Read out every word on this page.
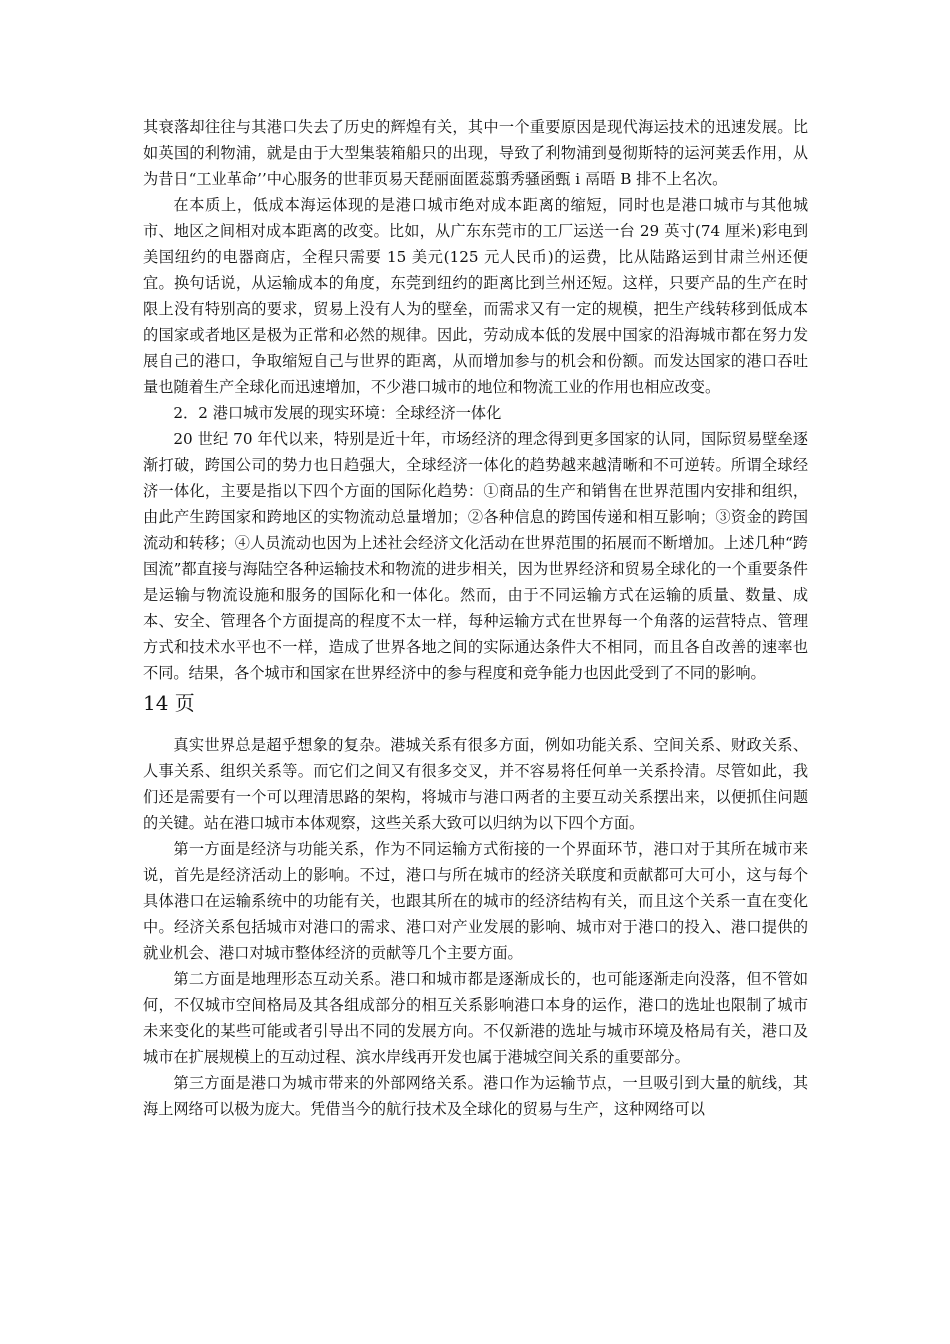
其衰落却往往与其港口失去了历史的辉煌有关，其中一个重要原因是现代海运技术的迅速发展。比如英国的利物浦，就是由于大型集装箱船只的出现，导致了利物浦到曼彻斯特的运河荚丢作用，从为昔日“工业革命’’中心服务的世菲页易天琵丽面匿蕊翦秀骚函甄 i 鬲晤 B 排不上名次。

在本质上，低成本海运体现的是港口城市绝对成本距离的缩短，同时也是港口城市与其他城市、地区之间相对成本距离的改变。比如，从广东东莞市的工厂运送一台 29 英寸(74 厘米)彩电到美国纽约的电器商店，全程只需要 15 美元(125 元人民币)的运费，比从陆路运到甘肃兰州还便宜。换句话说，从运输成本的角度，东莞到纽约的距离比到兰州还短。这样，只要产品的生产在时限上没有特别高的要求，贸易上没有人为的壁垒，而需求又有一定的规模，把生产线转移到低成本的国家或者地区是极为正常和必然的规律。因此，劳动成本低的发展中国家的沿海城市都在努力发展自己的港口，争取缩短自己与世界的距离，从而增加参与的机会和份额。而发达国家的港口吞吐量也随着生产全球化而迅速增加，不少港口城市的地位和物流工业的作用也相应改变。

2．2 港口城市发展的现实环境：全球经济一体化

20 世纪 70 年代以来，特别是近十年，市场经济的理念得到更多国家的认同，国际贸易壁垒逐渐打破，跨国公司的势力也日趋强大，全球经济一体化的趋势越来越清晰和不可逆转。所谓全球经济一体化，主要是指以下四个方面的国际化趋势：①商品的生产和销售在世界范围内安排和组织，由此产生跨国家和跨地区的实物流动总量增加；②各种信息的跨国传递和相互影响；③资金的跨国流动和转移；④人员流动也因为上述社会经济文化活动在世界范围的拓展而不断增加。上述几种“跨国流”都直接与海陆空各种运输技术和物流的进步相关，因为世界经济和贸易全球化的一个重要条件是运输与物流设施和服务的国际化和一体化。然而，由于不同运输方式在运输的质量、数量、成本、安全、管理各个方面提高的程度不太一样，每种运输方式在世界每一个角落的运营特点、管理方式和技术水平也不一样，造成了世界各地之间的实际通达条件大不相同，而且各自改善的速率也不同。结果，各个城市和国家在世界经济中的参与程度和竞争能力也因此受到了不同的影响。

14 页

真实世界总是超乎想象的复杂。港城关系有很多方面，例如功能关系、空间关系、财政关系、人事关系、组织关系等。而它们之间又有很多交叉，并不容易将任何单一关系拎清。尽管如此，我们还是需要有一个可以理清思路的架构，将城市与港口两者的主要互动关系摆出来，以便抓住问题的关键。站在港口城市本体观察，这些关系大致可以归纳为以下四个方面。

第一方面是经济与功能关系，作为不同运输方式衔接的一个界面环节，港口对于其所在城市来说，首先是经济活动上的影响。不过，港口与所在城市的经济关联度和贡献都可大可小，这与每个具体港口在运输系统中的功能有关，也跟其所在的城市的经济结构有关，而且这个关系一直在变化中。经济关系包括城市对港口的需求、港口对产业发展的影响、城市对于港口的投入、港口提供的就业机会、港口对城市整体经济的贡献等几个主要方面。

第二方面是地理形态互动关系。港口和城市都是逐渐成长的，也可能逐渐走向没落，但不管如何，不仅城市空间格局及其各组成部分的相互关系影响港口本身的运作，港口的选址也限制了城市未来变化的某些可能或者引导出不同的发展方向。不仅新港的选址与城市环境及格局有关，港口及城市在扩展规模上的互动过程、滨水岸线再开发也属于港城空间关系的重要部分。

第三方面是港口为城市带来的外部网络关系。港口作为运输节点，一旦吸引到大量的航线，其海上网络可以极为庞大。凭借当今的航行技术及全球化的贸易与生产，这种网络可以
